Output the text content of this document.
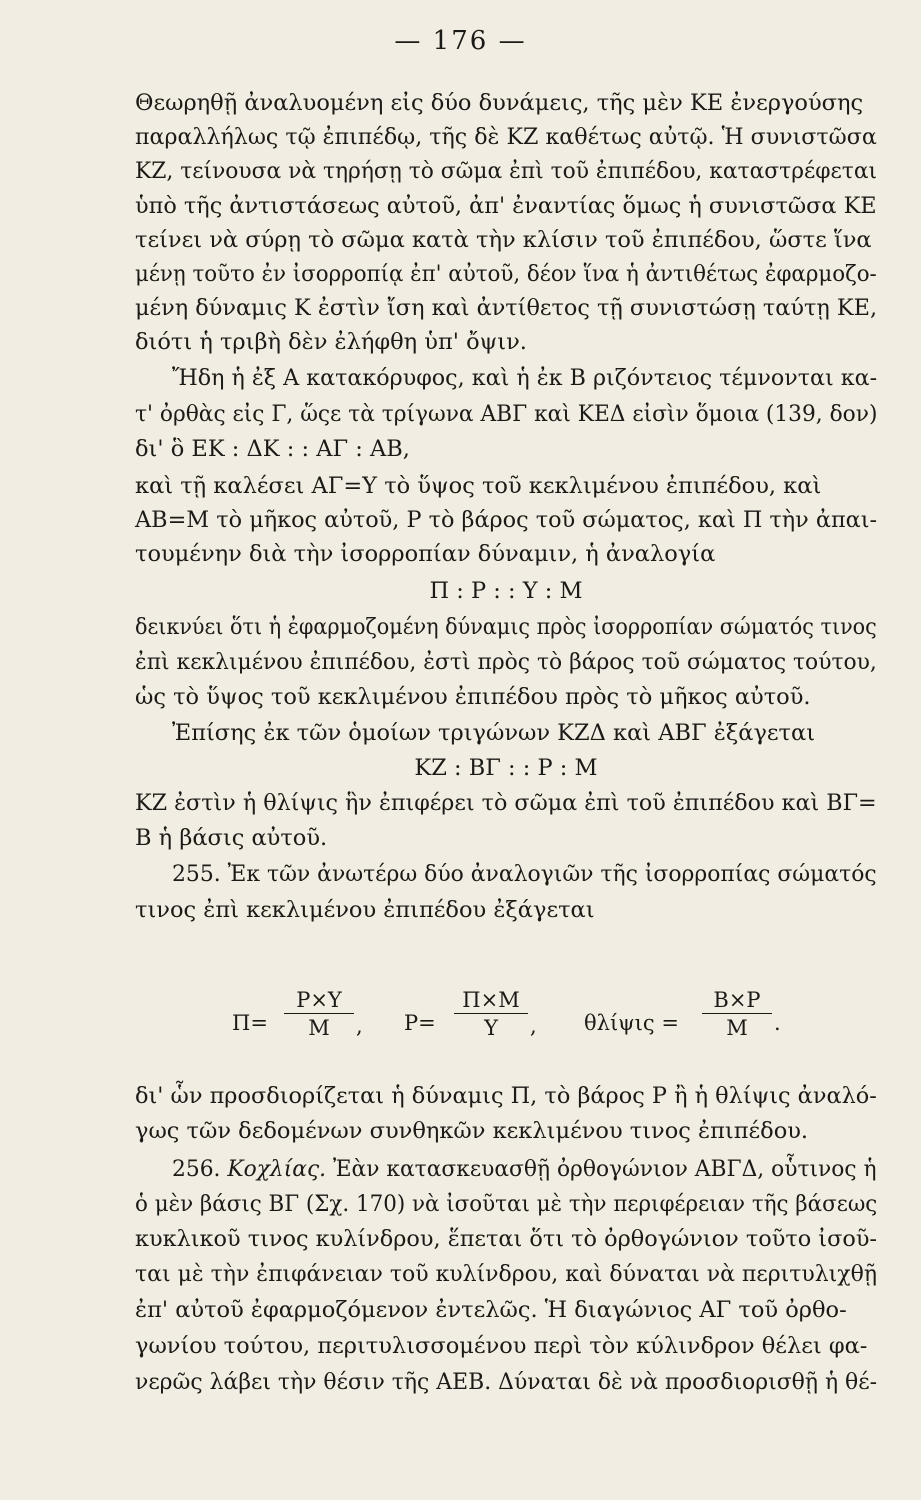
— 176 —
Θεωρηθῇ ἀναλυομένη εἰς δύο δυνάμεις, τῆς μὲν ΚΕ ἐνεργούσης
παραλλήλως τῷ ἐπιπέδῳ, τῆς δὲ ΚΖ καθέτως αὐτῷ. Ἡ συνιστῶσα
ΚΖ, τείνουσα νὰ τηρήσῃ τὸ σῶμα ἐπὶ τοῦ ἐπιπέδου, καταστρέφεται
ὑπὸ τῆς ἀντιστάσεως αὐτοῦ, ἀπ' ἐναντίας ὅμως ἡ συνιστῶσα ΚΕ
τείνει νὰ σύρῃ τὸ σῶμα κατὰ τὴν κλίσιν τοῦ ἐπιπέδου, ὥστε ἵνα
μένῃ τοῦτο ἐν ἰσορροπίᾳ ἐπ' αὐτοῦ, δέον ἵνα ἡ ἀντιθέτως ἐφαρμοζο-
μένη δύναμις Κ ἐστὶν ἴση καὶ ἀντίθετος τῇ συνιστώσῃ ταύτῃ ΚΕ,
διότι ἡ τριβὴ δὲν ἐλήφθη ὑπ' ὄψιν.
Ἤδη ἡ ἐξ Α κατακόρυφος, καὶ ἡ ἐκ Β ριζόντειος τέμνονται κα-
τ' ὀρθὰς εἰς Γ, ὥςε τὰ τρίγωνα ΑΒΓ καὶ ΚΕΔ εἰσὶν ὅμοια (139, δον)
δι' ὃ ΕΚ : ΔΚ : : ΑΓ : ΑΒ,
καὶ τῇ καλέσει ΑΓ=Υ τὸ ὕψος τοῦ κεκλιμένου ἐπιπέδου, καὶ
ΑΒ=Μ τὸ μῆκος αὐτοῦ, Ρ τὸ βάρος τοῦ σώματος, καὶ Π τὴν ἀπαι-
τουμένην διὰ τὴν ἰσορροπίαν δύναμιν, ἡ ἀναλογία
Π : Ρ : : Υ : Μ
δεικνύει ὅτι ἡ ἐφαρμοζομένη δύναμις πρὸς ἰσορροπίαν σώματός τινος
ἐπὶ κεκλιμένου ἐπιπέδου, ἐστὶ πρὸς τὸ βάρος τοῦ σώματος τούτου,
ὡς τὸ ὕψος τοῦ κεκλιμένου ἐπιπέδου πρὸς τὸ μῆκος αὐτοῦ.
Ἐπίσης ἐκ τῶν ὁμοίων τριγώνων ΚΖΔ καὶ ΑΒΓ ἐξάγεται
ΚΖ : ΒΓ : : Ρ : Μ
ΚΖ ἐστὶν ἡ θλίψις ἣν ἐπιφέρει τὸ σῶμα ἐπὶ τοῦ ἐπιπέδου καὶ ΒΓ=
Β ἡ βάσις αὐτοῦ.
255. Ἐκ τῶν ἀνωτέρω δύο ἀναλογιῶν τῆς ἰσορροπίας σώματός
τινος ἐπὶ κεκλιμένου ἐπιπέδου ἐξάγεται
Π=
Ρ×Υ
Μ	, Ρ=
Π×Μ
Υ	, θλίψις =
Β×Ρ
Μ	.
δι' ὧν προσδιορίζεται ἡ δύναμις Π, τὸ βάρος Ρ ἢ ἡ θλίψις ἀναλό-
γως τῶν δεδομένων συνθηκῶν κεκλιμένου τινος ἐπιπέδου.
256. Κοχλίας. Ἐὰν κατασκευασθῇ ὀρθογώνιον ΑΒΓΔ, οὗτινος ἡ
ὁ μὲν βάσις ΒΓ (Σχ. 170) νὰ ἰσοῦται μὲ τὴν περιφέρειαν τῆς βάσεως
κυκλικοῦ τινος κυλίνδρου, ἕπεται ὅτι τὸ ὀρθογώνιον τοῦτο ἰσοῦ-
ται μὲ τὴν ἐπιφάνειαν τοῦ κυλίνδρου, καὶ δύναται νὰ περιτυλιχθῇ
ἐπ' αὐτοῦ ἐφαρμοζόμενον ἐντελῶς. Ἡ διαγώνιος ΑΓ τοῦ ὀρθο-
γωνίου τούτου, περιτυλισσομένου περὶ τὸν κύλινδρον θέλει φα-
νερῶς λάβει τὴν θέσιν τῆς ΑΕΒ. Δύναται δὲ νὰ προσδιορισθῇ ἡ θέ-
